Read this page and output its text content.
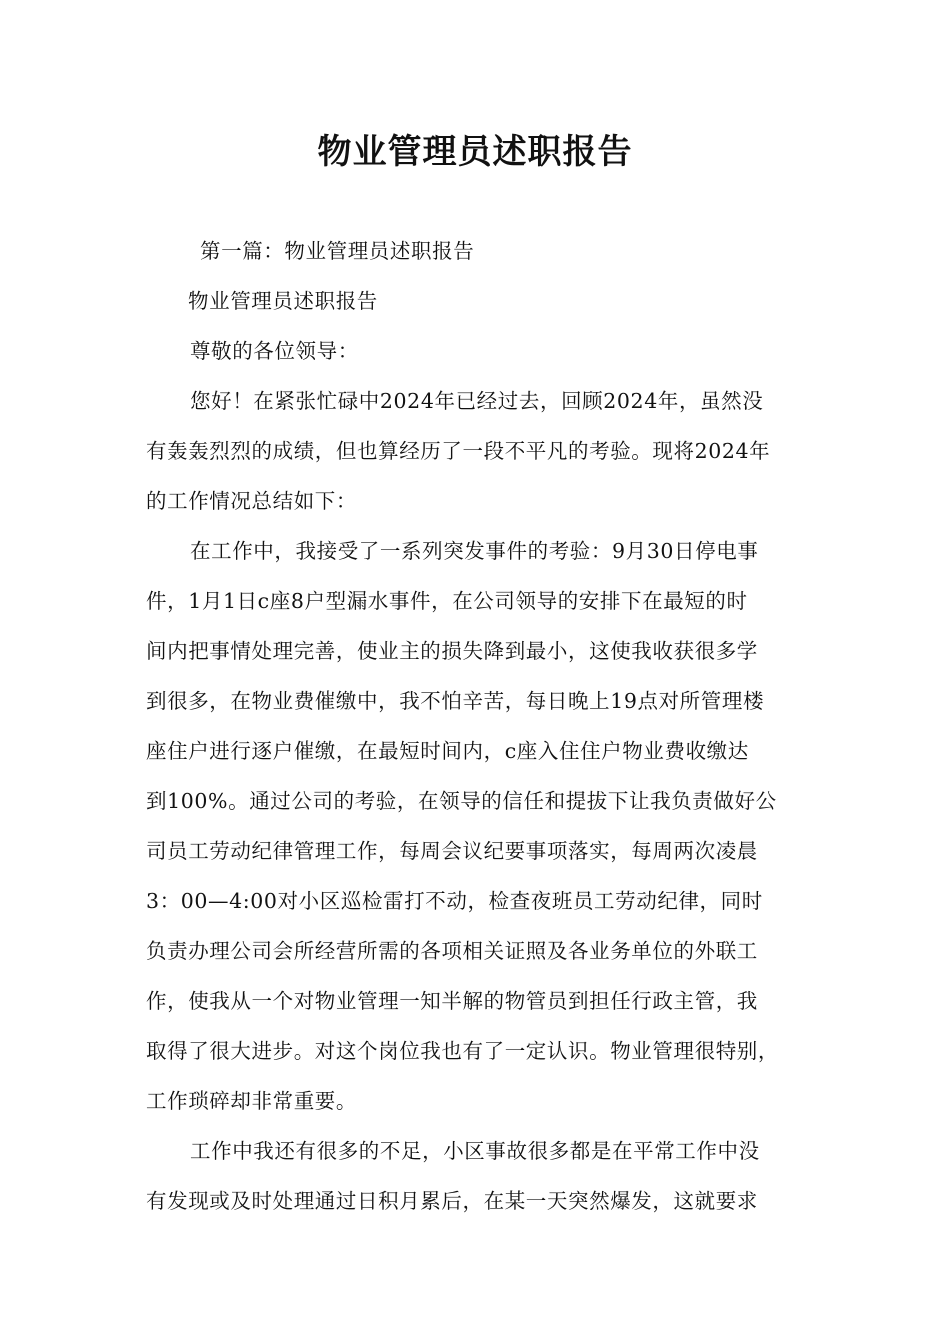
物业管理员述职报告

第一篇：物业管理员述职报告

物业管理员述职报告

尊敬的各位领导：

您好！在紧张忙碌中2024年已经过去，回顾2024年，虽然没

有轰轰烈烈的成绩，但也算经历了一段不平凡的考验。现将2024年

的工作情况总结如下：

在工作中，我接受了一系列突发事件的考验：9月30日停电事

件，1月1日c座8户型漏水事件，在公司领导的安排下在最短的时

间内把事情处理完善，使业主的损失降到最小，这使我收获很多学

到很多，在物业费催缴中，我不怕辛苦，每日晚上19点对所管理楼

座住户进行逐户催缴，在最短时间内，c座入住住户物业费收缴达

到100%。通过公司的考验，在领导的信任和提拔下让我负责做好公

司员工劳动纪律管理工作，每周会议纪要事项落实，每周两次凌晨

3：00—4:00对小区巡检雷打不动，检查夜班员工劳动纪律，同时

负责办理公司会所经营所需的各项相关证照及各业务单位的外联工

作，使我从一个对物业管理一知半解的物管员到担任行政主管，我

取得了很大进步。对这个岗位我也有了一定认识。物业管理很特别，

工作琐碎却非常重要。

工作中我还有很多的不足，小区事故很多都是在平常工作中没

有发现或及时处理通过日积月累后，在某一天突然爆发，这就要求
